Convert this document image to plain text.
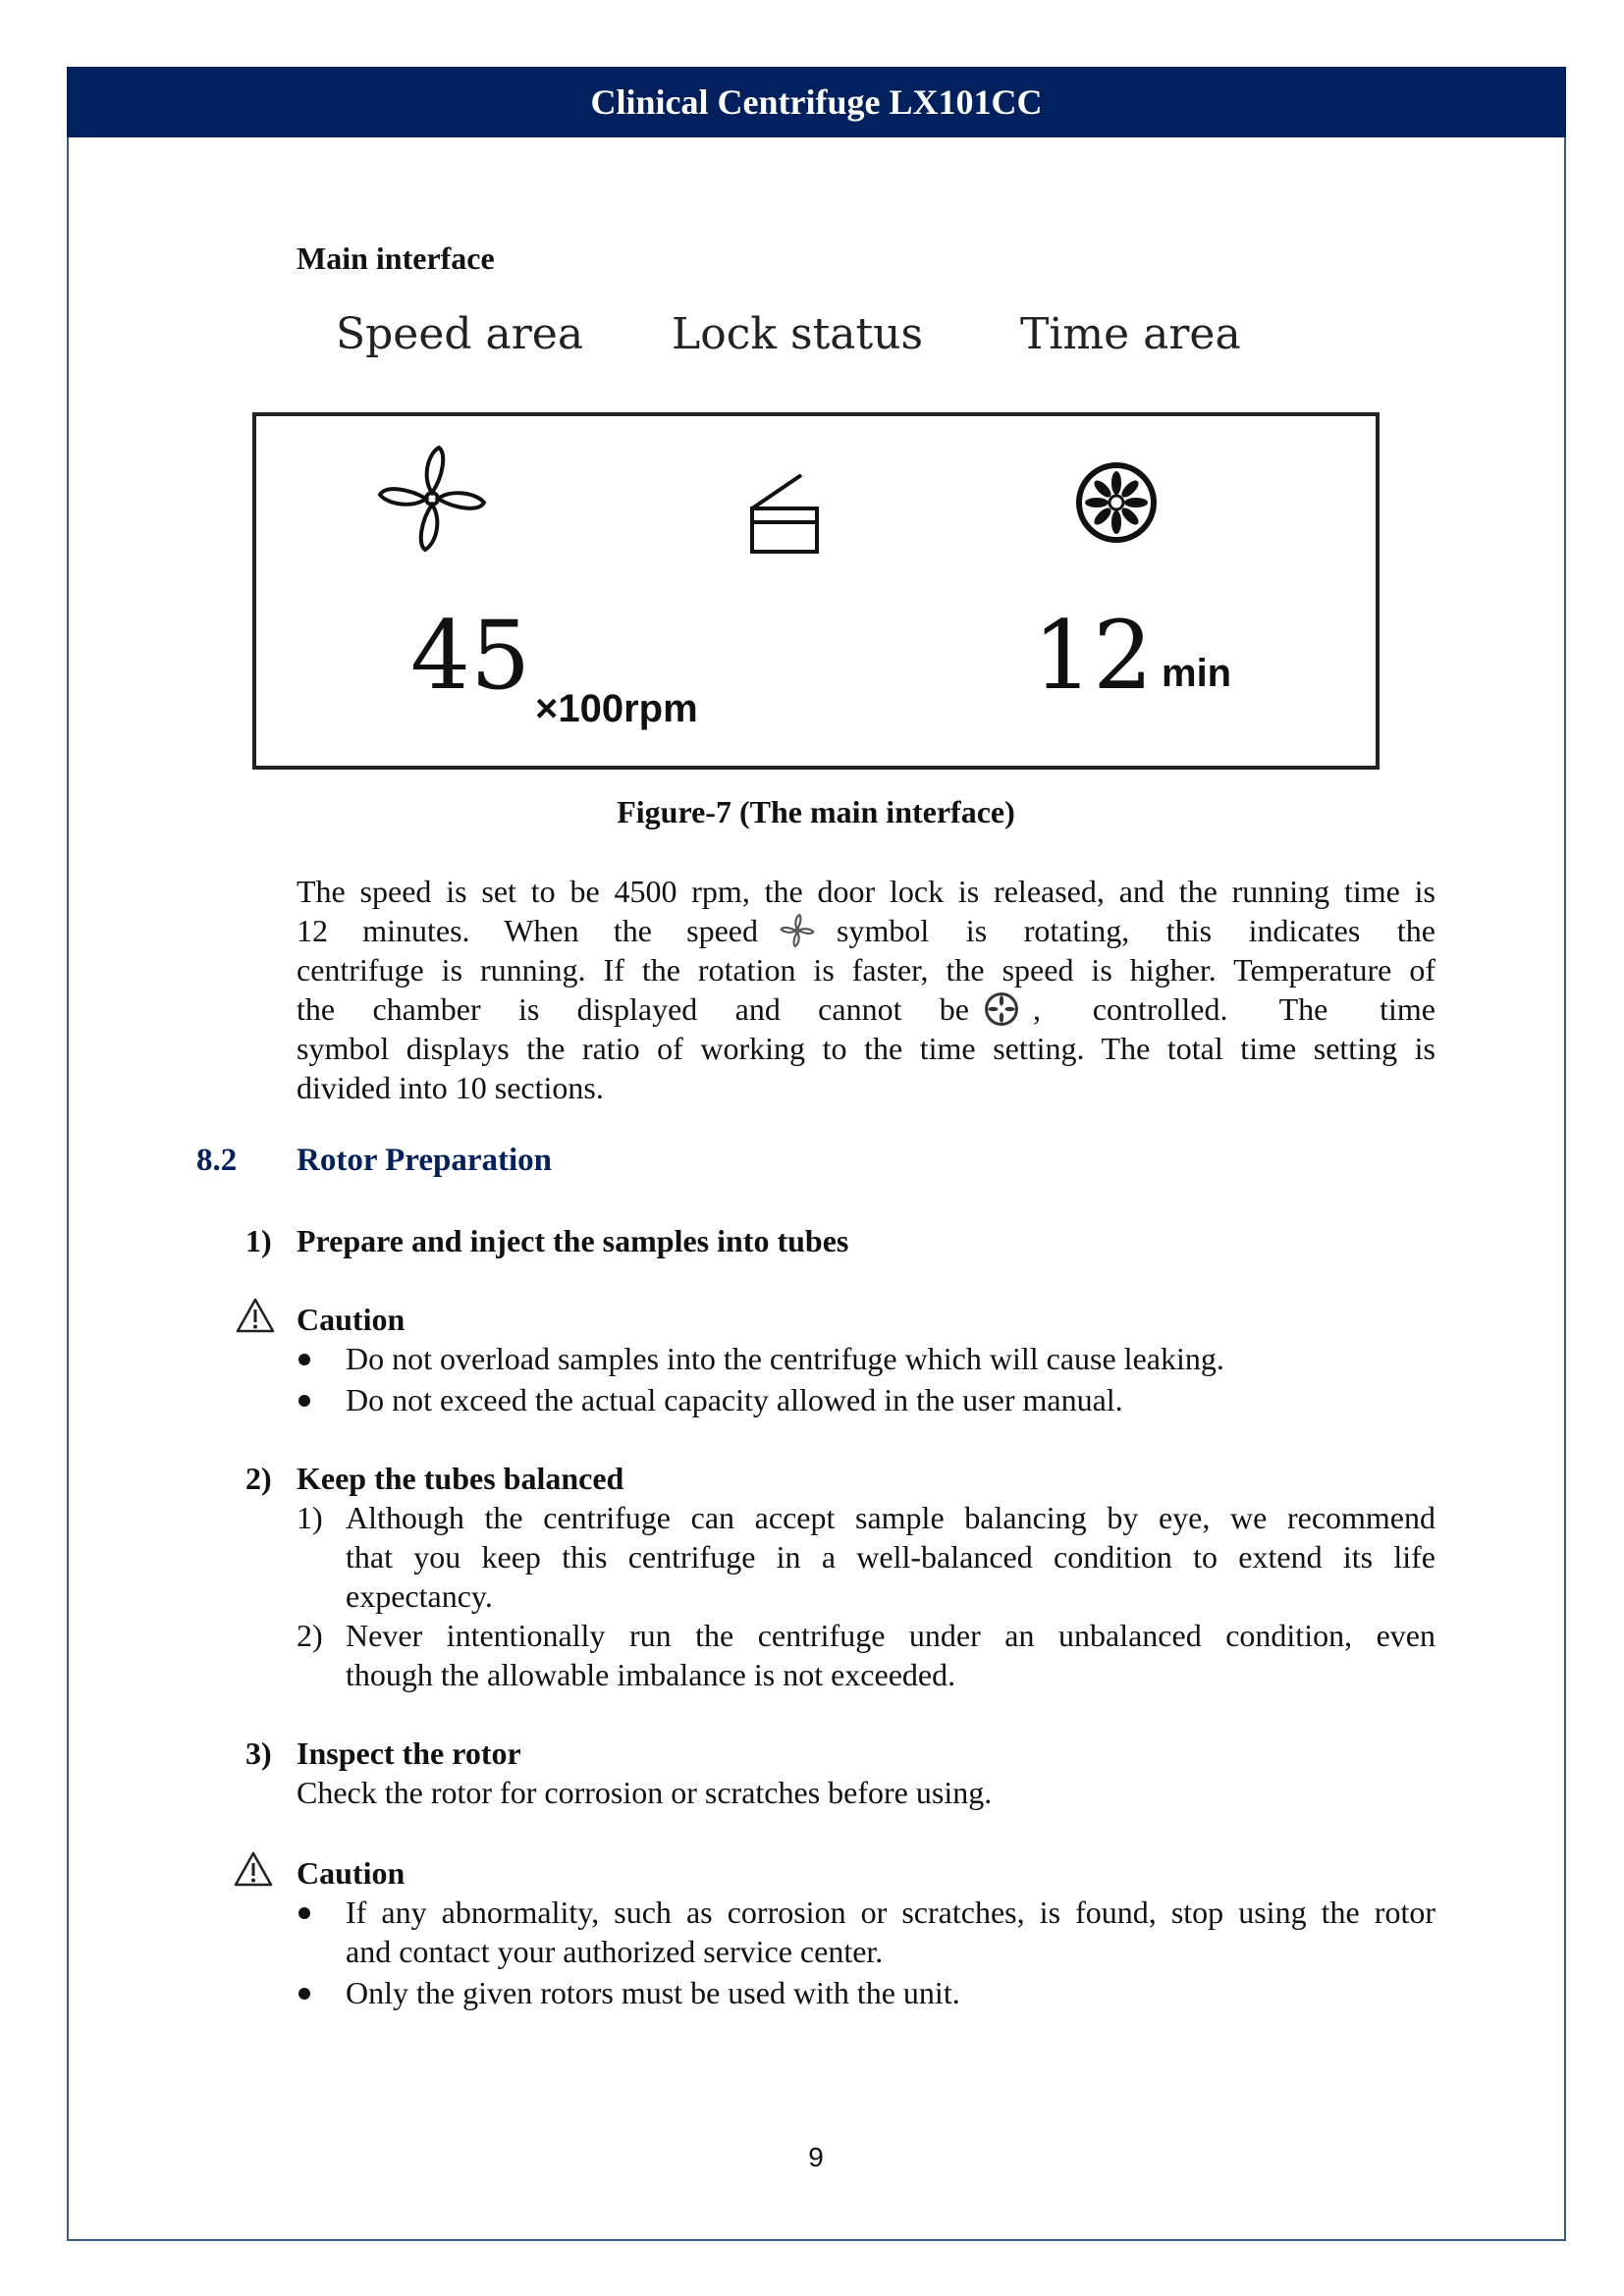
Clinical Centrifuge LX101CC
Main interface
Speed area Lock status Time area
45 ×100rpm	12 min
Figure-7 (The main interface)
The speed is set to be 4500 rpm, the door lock is released, and the running time is
12 minutes. When the speed	symbol is rotating, this indicates the
centrifuge is running. If the rotation is faster, the speed is higher. Temperature of
the chamber is displayed and cannot be , controlled. The time
symbol displays the ratio of working to the time setting. The total time setting is
divided into 10 sections.
8.2 Rotor Preparation
1) Prepare and inject the samples into tubes
Caution
Do not overload samples into the centrifuge which will cause leaking.
Do not exceed the actual capacity allowed in the user manual.
2) Keep the tubes balanced
1) Although the centrifuge can accept sample balancing by eye, we recommend
that you keep this centrifuge in a well-balanced condition to extend its life
expectancy.
2) Never intentionally run the centrifuge under an unbalanced condition, even
though the allowable imbalance is not exceeded.
3) Inspect the rotor
Check the rotor for corrosion or scratches before using.
Caution
If any abnormality, such as corrosion or scratches, is found, stop using the rotor
and contact your authorized service center.
Only the given rotors must be used with the unit.
9
